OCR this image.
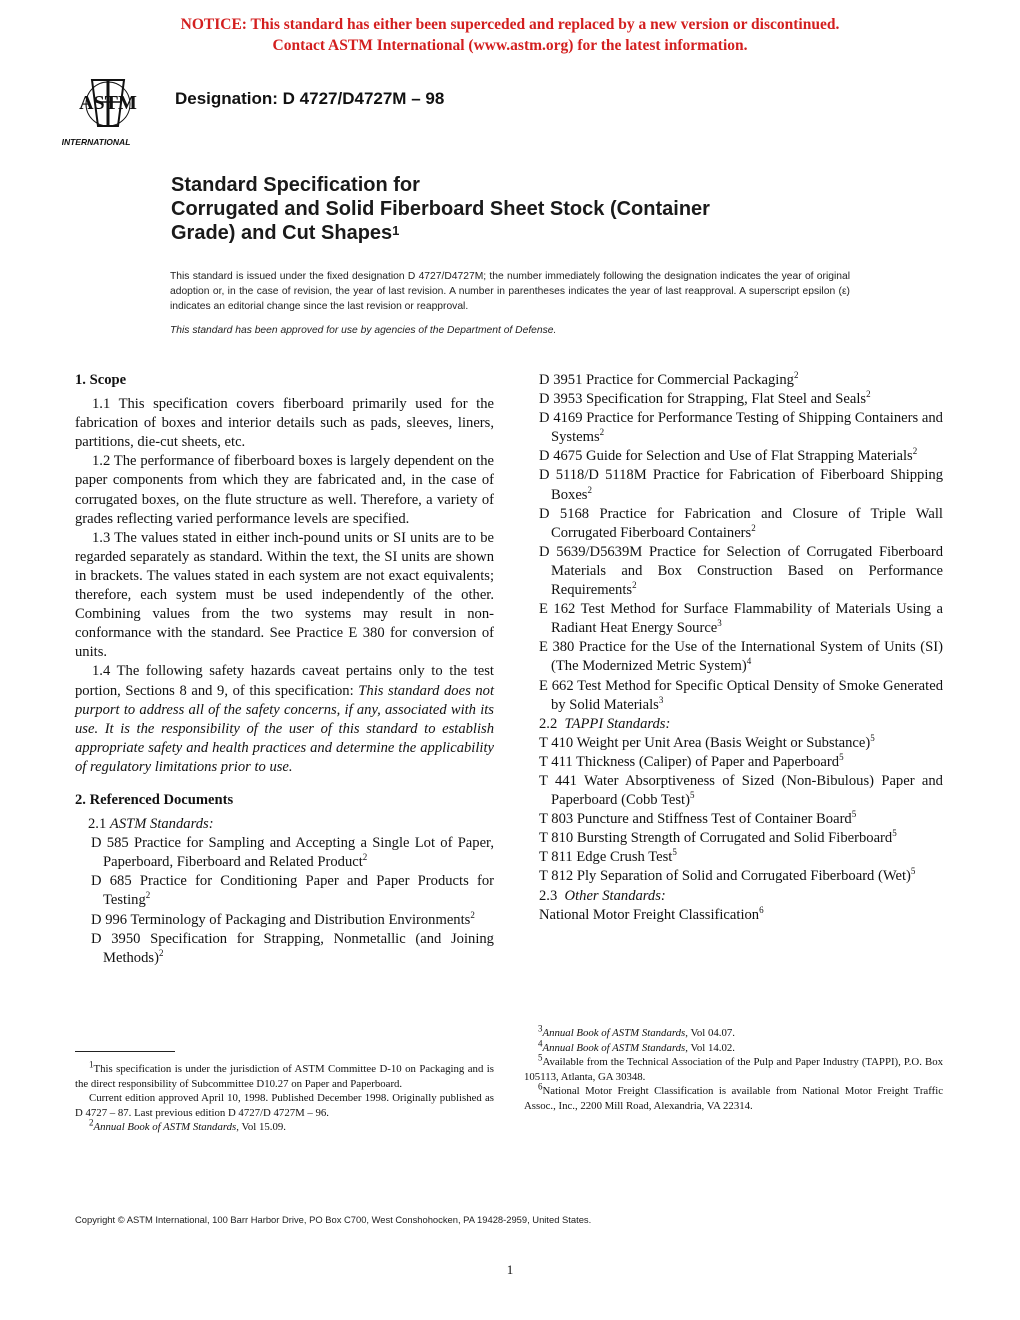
NOTICE: This standard has either been superceded and replaced by a new version or discontinued.
Contact ASTM International (www.astm.org) for the latest information.
ASTM
INTERNATIONAL
Designation: D 4727/D4727M – 98
Standard Specification for
Corrugated and Solid Fiberboard Sheet Stock (Container
Grade) and Cut Shapes$^1$
This standard is issued under the fixed designation D 4727/D4727M; the number immediately following the designation indicates the year of original adoption or, in the case of revision, the year of last revision. A number in parentheses indicates the year of last reapproval. A superscript epsilon (ε) indicates an editorial change since the last revision or reapproval.
This standard has been approved for use by agencies of the Department of Defense.

1. Scope

1.1 This specification covers fiberboard primarily used for the fabrication of boxes and interior details such as pads, sleeves, liners, partitions, die-cut sheets, etc.

1.2 The performance of fiberboard boxes is largely dependent on the paper components from which they are fabricated and, in the case of corrugated boxes, on the flute structure as well. Therefore, a variety of grades reflecting varied performance levels are specified.

1.3 The values stated in either inch-pound units or SI units are to be regarded separately as standard. Within the text, the SI units are shown in brackets. The values stated in each system are not exact equivalents; therefore, each system must be used independently of the other. Combining values from the two systems may result in non-conformance with the standard. See Practice E 380 for conversion of units.

1.4 The following safety hazards caveat pertains only to the test portion, Sections 8 and 9, of this specification: This standard does not purport to address all of the safety concerns, if any, associated with its use. It is the responsibility of the user of this standard to establish appropriate safety and health practices and determine the applicability of regulatory limitations prior to use.

2. Referenced Documents

2.1 ASTM Standards:

D 585 Practice for Sampling and Accepting a Single Lot of Paper, Paperboard, Fiberboard and Related Product$^2$

D 685 Practice for Conditioning Paper and Paper Products for Testing$^2$

D 996 Terminology of Packaging and Distribution Environments$^2$

D 3950 Specification for Strapping, Nonmetallic (and Joining Methods)$^2$

$^1$This specification is under the jurisdiction of ASTM Committee D-10 on Packaging and is the direct responsibility of Subcommittee D10.27 on Paper and Paperboard.

Current edition approved April 10, 1998. Published December 1998. Originally published as D 4727 – 87. Last previous edition D 4727/D 4727M – 96.

$^2$Annual Book of ASTM Standards, Vol 15.09.

D 3951 Practice for Commercial Packaging$^2$

D 3953 Specification for Strapping, Flat Steel and Seals$^2$

D 4169 Practice for Performance Testing of Shipping Containers and Systems$^2$

D 4675 Guide for Selection and Use of Flat Strapping Materials$^2$

D 5118/D 5118M Practice for Fabrication of Fiberboard Shipping Boxes$^2$

D 5168 Practice for Fabrication and Closure of Triple Wall Corrugated Fiberboard Containers$^2$

D 5639/D5639M Practice for Selection of Corrugated Fiberboard Materials and Box Construction Based on Performance Requirements$^2$

E 162 Test Method for Surface Flammability of Materials Using a Radiant Heat Energy Source$^3$

E 380 Practice for the Use of the International System of Units (SI) (The Modernized Metric System)$^4$

E 662 Test Method for Specific Optical Density of Smoke Generated by Solid Materials$^3$

2.2 TAPPI Standards:

T 410 Weight per Unit Area (Basis Weight or Substance)$^5$

T 411 Thickness (Caliper) of Paper and Paperboard$^5$

T 441 Water Absorptiveness of Sized (Non-Bibulous) Paper and Paperboard (Cobb Test)$^5$

T 803 Puncture and Stiffness Test of Container Board$^5$

T 810 Bursting Strength of Corrugated and Solid Fiberboard$^5$

T 811 Edge Crush Test$^5$

T 812 Ply Separation of Solid and Corrugated Fiberboard (Wet)$^5$

2.3 Other Standards:

National Motor Freight Classification$^6$

$^3$Annual Book of ASTM Standards, Vol 04.07.

$^4$Annual Book of ASTM Standards, Vol 14.02.

$^5$Available from the Technical Association of the Pulp and Paper Industry (TAPPI), P.O. Box 105113, Atlanta, GA 30348.

$^6$National Motor Freight Classification is available from National Motor Freight Traffic Assoc., Inc., 2200 Mill Road, Alexandria, VA 22314.

Copyright © ASTM International, 100 Barr Harbor Drive, PO Box C700, West Conshohocken, PA 19428-2959, United States.
1
